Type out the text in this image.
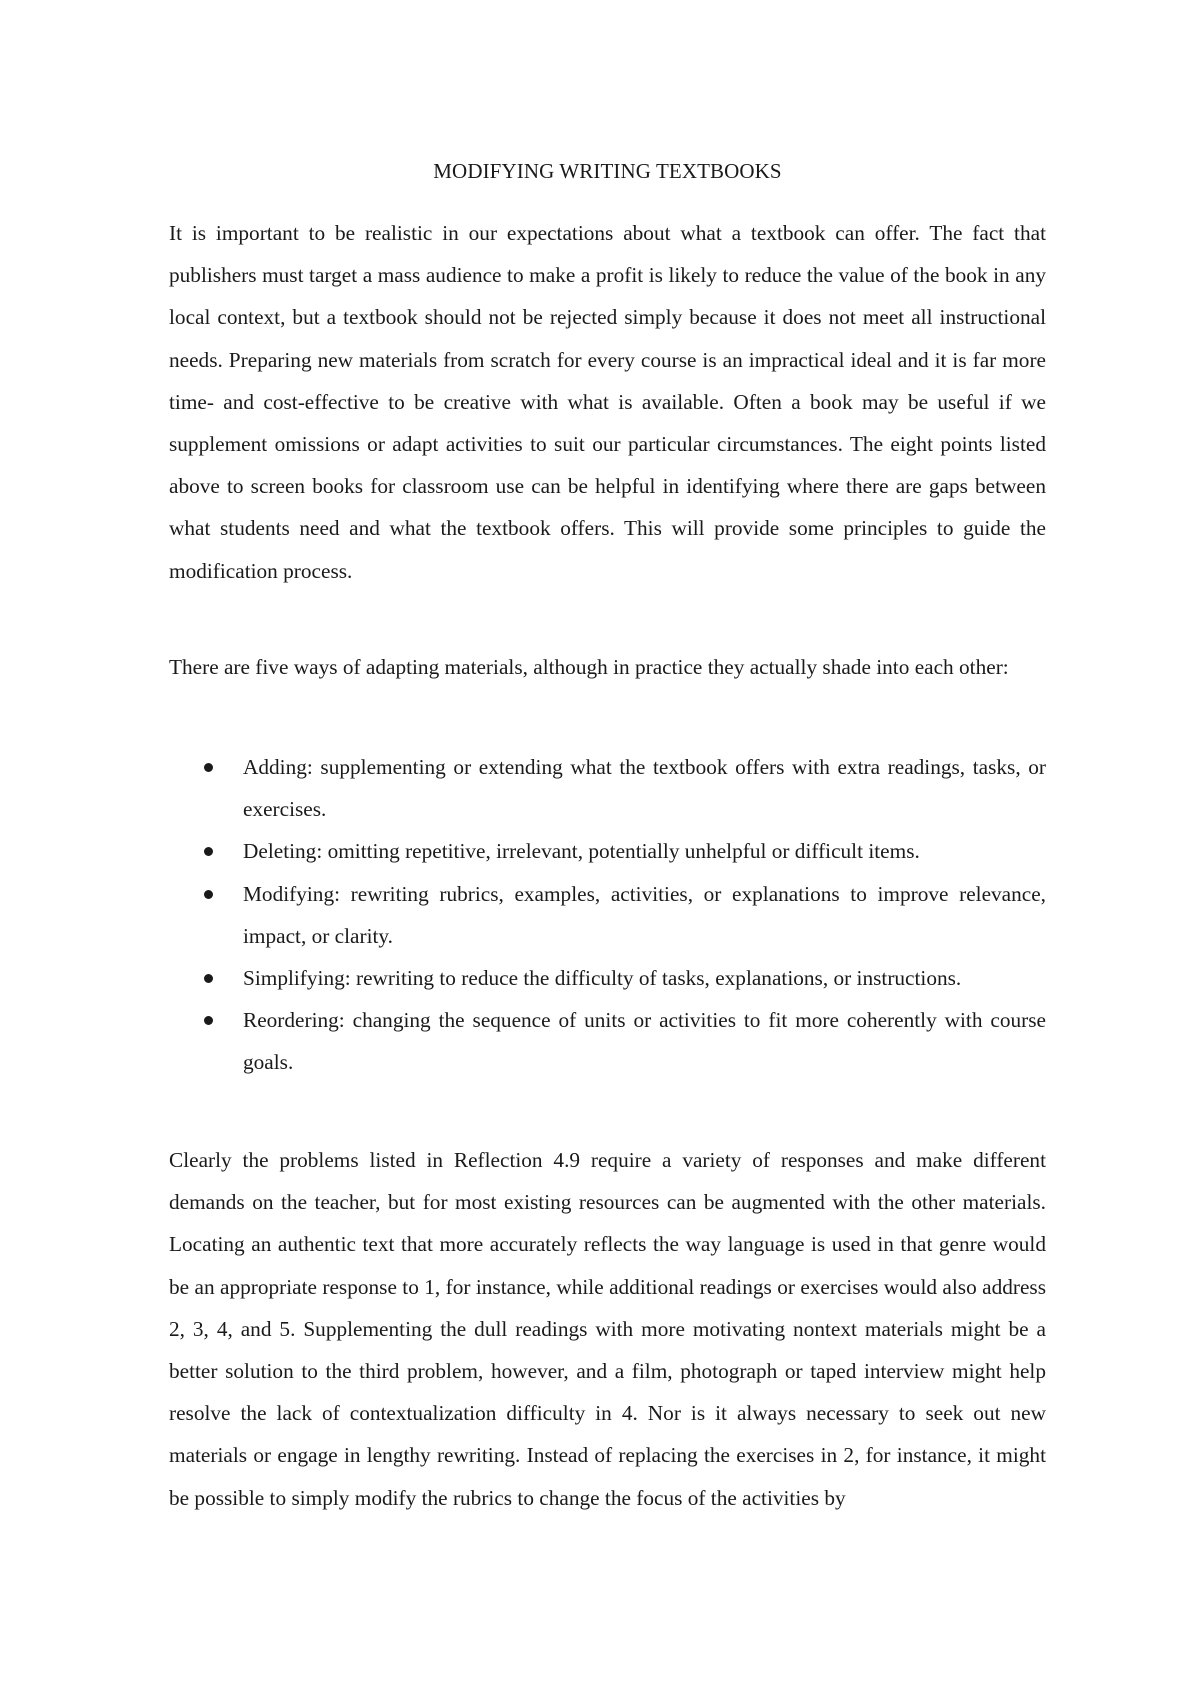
MODIFYING WRITING TEXTBOOKS

It is important to be realistic in our expectations about what a textbook can offer. The fact that publishers must target a mass audience to make a profit is likely to reduce the value of the book in any local context, but a textbook should not be rejected simply because it does not meet all instructional needs. Preparing new materials from scratch for every course is an impractical ideal and it is far more time- and cost-effective to be creative with what is available. Often a book may be useful if we supplement omissions or adapt activities to suit our particular circumstances. The eight points listed above to screen books for classroom use can be helpful in identifying where there are gaps between what students need and what the textbook offers. This will provide some principles to guide the modification process.

There are five ways of adapting materials, although in practice they actually shade into each other:

Adding: supplementing or extending what the textbook offers with extra readings, tasks, or exercises.
Deleting: omitting repetitive, irrelevant, potentially unhelpful or difficult items.
Modifying: rewriting rubrics, examples, activities, or explanations to improve relevance, impact, or clarity.
Simplifying: rewriting to reduce the difficulty of tasks, explanations, or instructions.
Reordering: changing the sequence of units or activities to fit more coherently with course goals.

Clearly the problems listed in Reflection 4.9 require a variety of responses and make different demands on the teacher, but for most existing resources can be augmented with the other materials. Locating an authentic text that more accurately reflects the way language is used in that genre would be an appropriate response to 1, for instance, while additional readings or exercises would also address 2, 3, 4, and 5. Supplementing the dull readings with more motivating nontext materials might be a better solution to the third problem, however, and a film, photograph or taped interview might help resolve the lack of contextualization difficulty in 4. Nor is it always necessary to seek out new materials or engage in lengthy rewriting. Instead of replacing the exercises in 2, for instance, it might be possible to simply modify the rubrics to change the focus of the activities by
